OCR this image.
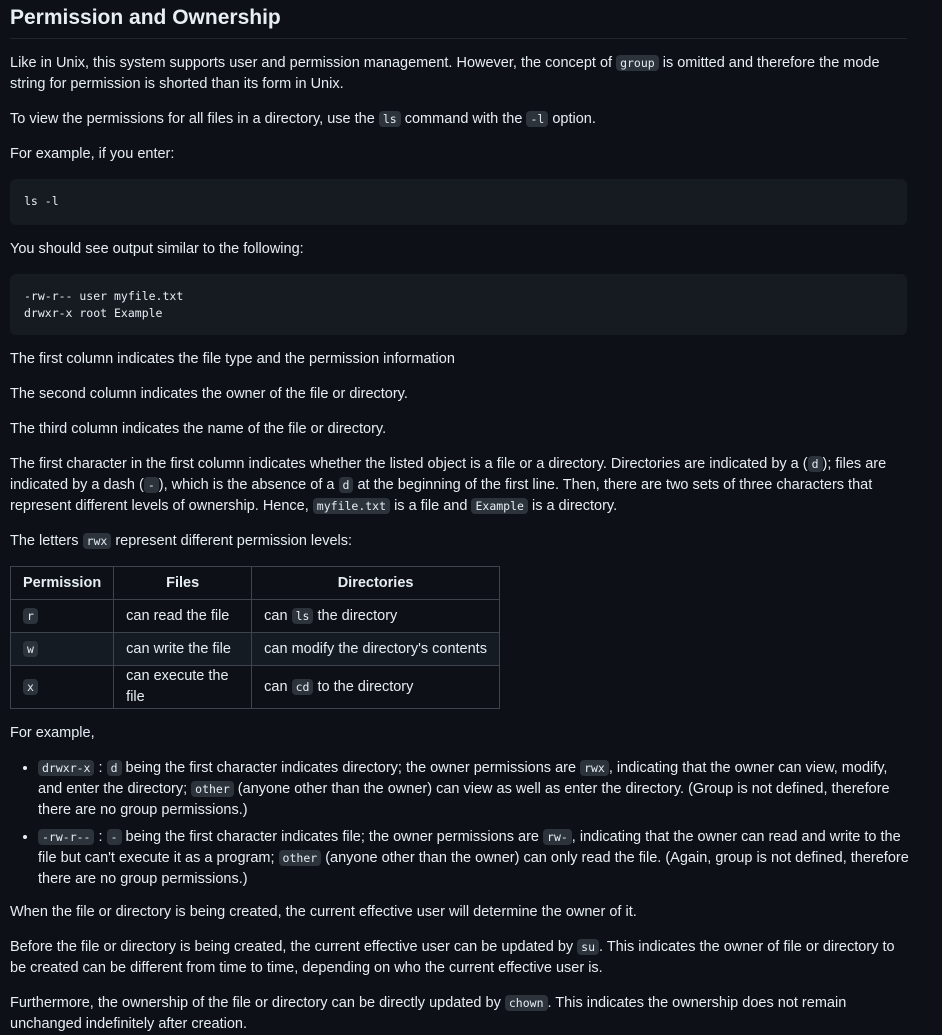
Permission and Ownership

Like in Unix, this system supports user and permission management. However, the concept of group is omitted and therefore the mode string for permission is shorted than its form in Unix.

To view the permissions for all files in a directory, use the ls command with the -l option.

For example, if you enter:

ls -l

You should see output similar to the following:

-rw-r-- user myfile.txt
drwxr-x root Example

The first column indicates the file type and the permission information

The second column indicates the owner of the file or directory.

The third column indicates the name of the file or directory.

The first character in the first column indicates whether the listed object is a file or a directory. Directories are indicated by a ( d ); files are indicated by a dash ( - ), which is the absence of a d at the beginning of the first line. Then, there are two sets of three characters that represent different levels of ownership. Hence, myfile.txt is a file and Example is a directory.

The letters rwx represent different permission levels:

Permission	Files	Directories
r	can read the file	can ls the directory
w	can write the file	can modify the directory's contents
x	can execute the file	can cd to the directory

For example,

• drwxr-x : d being the first character indicates directory; the owner permissions are rwx , indicating that the owner can view, modify, and enter the directory; other (anyone other than the owner) can view as well as enter the directory. (Group is not defined, therefore there are no group permissions.)
• -rw-r-- : - being the first character indicates file; the owner permissions are rw- , indicating that the owner can read and write to the file but can't execute it as a program; other (anyone other than the owner) can only read the file. (Again, group is not defined, therefore there are no group permissions.)

When the file or directory is being created, the current effective user will determine the owner of it.

Before the file or directory is being created, the current effective user can be updated by su . This indicates the owner of file or directory to be created can be different from time to time, depending on who the current effective user is.

Furthermore, the ownership of the file or directory can be directly updated by chown . This indicates the ownership does not remain unchanged indefinitely after creation.
